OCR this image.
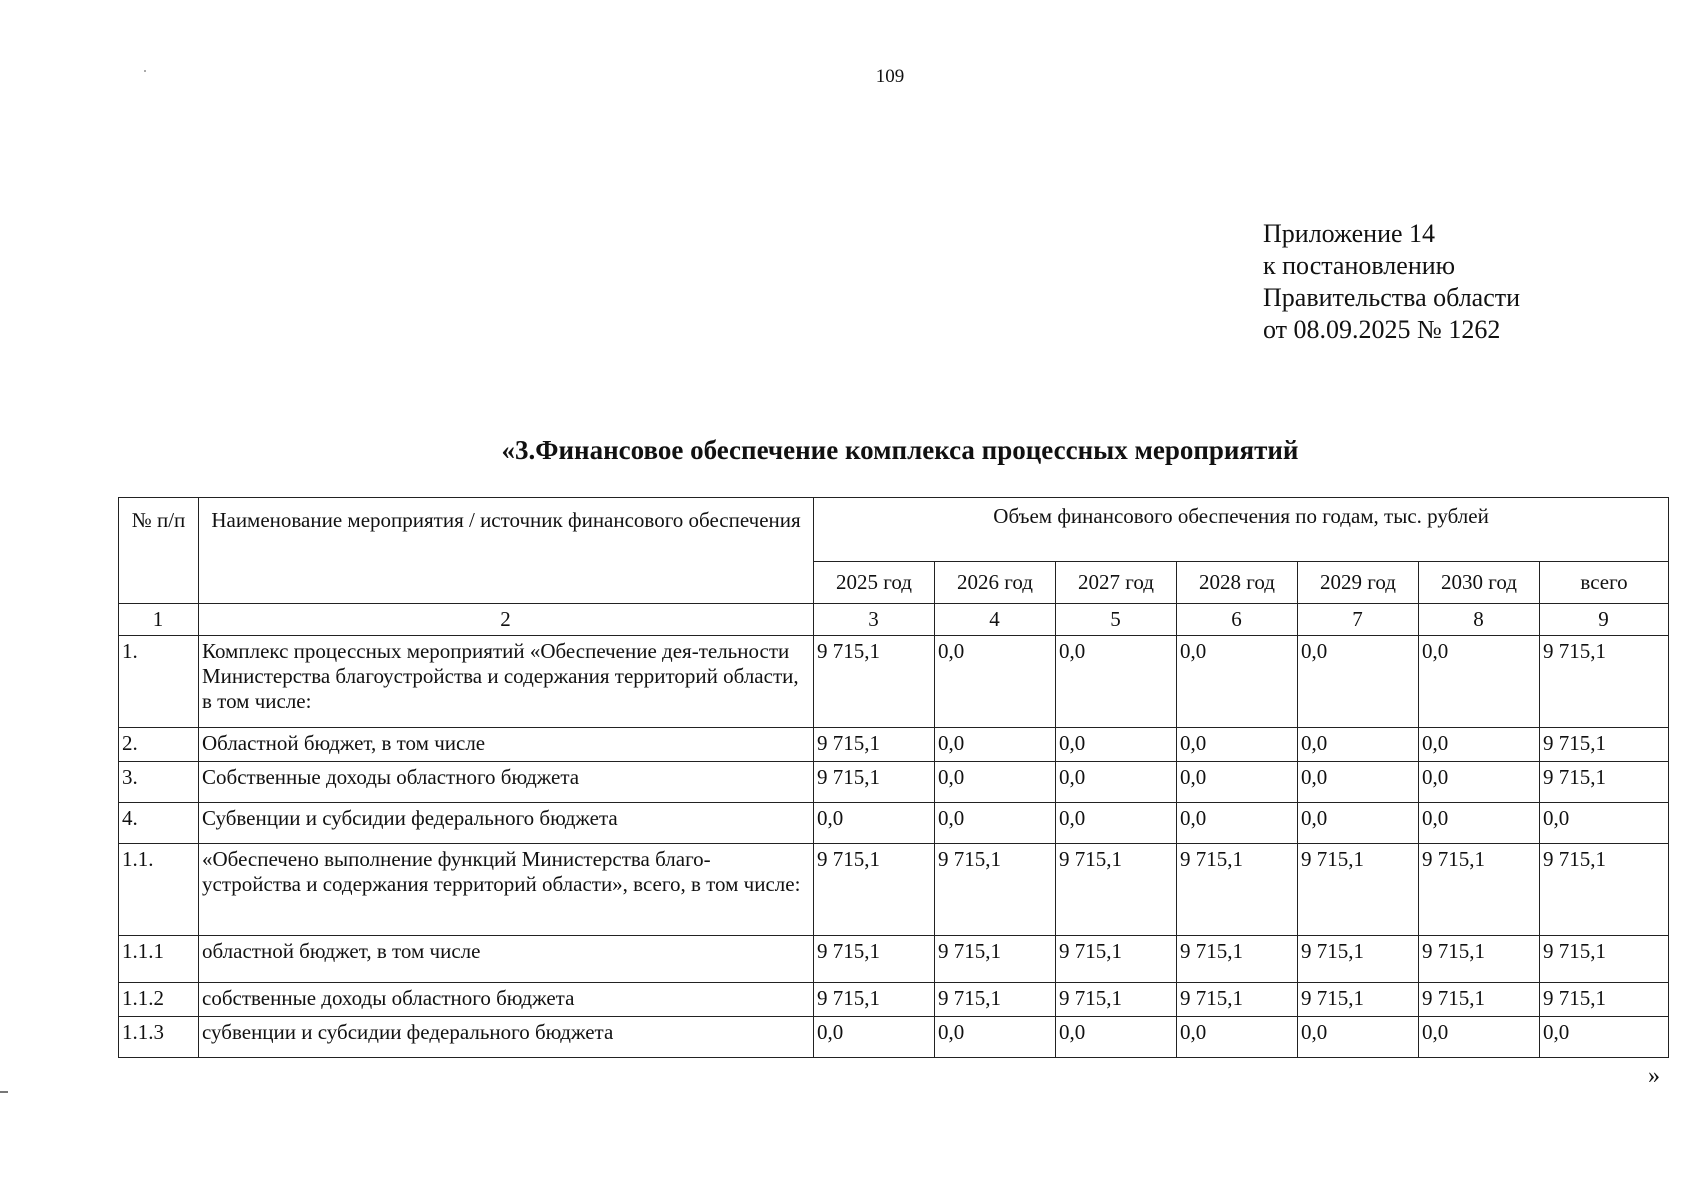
109
Приложение 14
к постановлению
Правительства области
от 08.09.2025 № 1262
«3.Финансовое обеспечение комплекса процессных мероприятий
№ п/п	Наименование мероприятия / источник финансового обеспечения	Объем финансового обеспечения по годам, тыс. рублей						
		2025 год	2026 год	2027 год	2028 год	2029 год	2030 год	всего
1	2	3	4	5	6	7	8	9
1.	Комплекс процессных мероприятий «Обеспечение дея-тельности Министерства благоустройства и содержания территорий области, в том числе:	9 715,1	0,0	0,0	0,0	0,0	0,0	9 715,1
2.	Областной бюджет, в том числе	9 715,1	0,0	0,0	0,0	0,0	0,0	9 715,1
3.	Собственные доходы областного бюджета	9 715,1	0,0	0,0	0,0	0,0	0,0	9 715,1
4.	Субвенции и субсидии федерального бюджета	0,0	0,0	0,0	0,0	0,0	0,0	0,0
1.1.	«Обеспечено выполнение функций Министерства благо-устройства и содержания территорий области», всего, в том числе:	9 715,1	9 715,1	9 715,1	9 715,1	9 715,1	9 715,1	9 715,1
1.1.1	областной бюджет, в том числе	9 715,1	9 715,1	9 715,1	9 715,1	9 715,1	9 715,1	9 715,1
1.1.2	собственные доходы областного бюджета	9 715,1	9 715,1	9 715,1	9 715,1	9 715,1	9 715,1	9 715,1
1.1.3	субвенции и субсидии федерального бюджета	0,0	0,0	0,0	0,0	0,0	0,0	0,0
»
